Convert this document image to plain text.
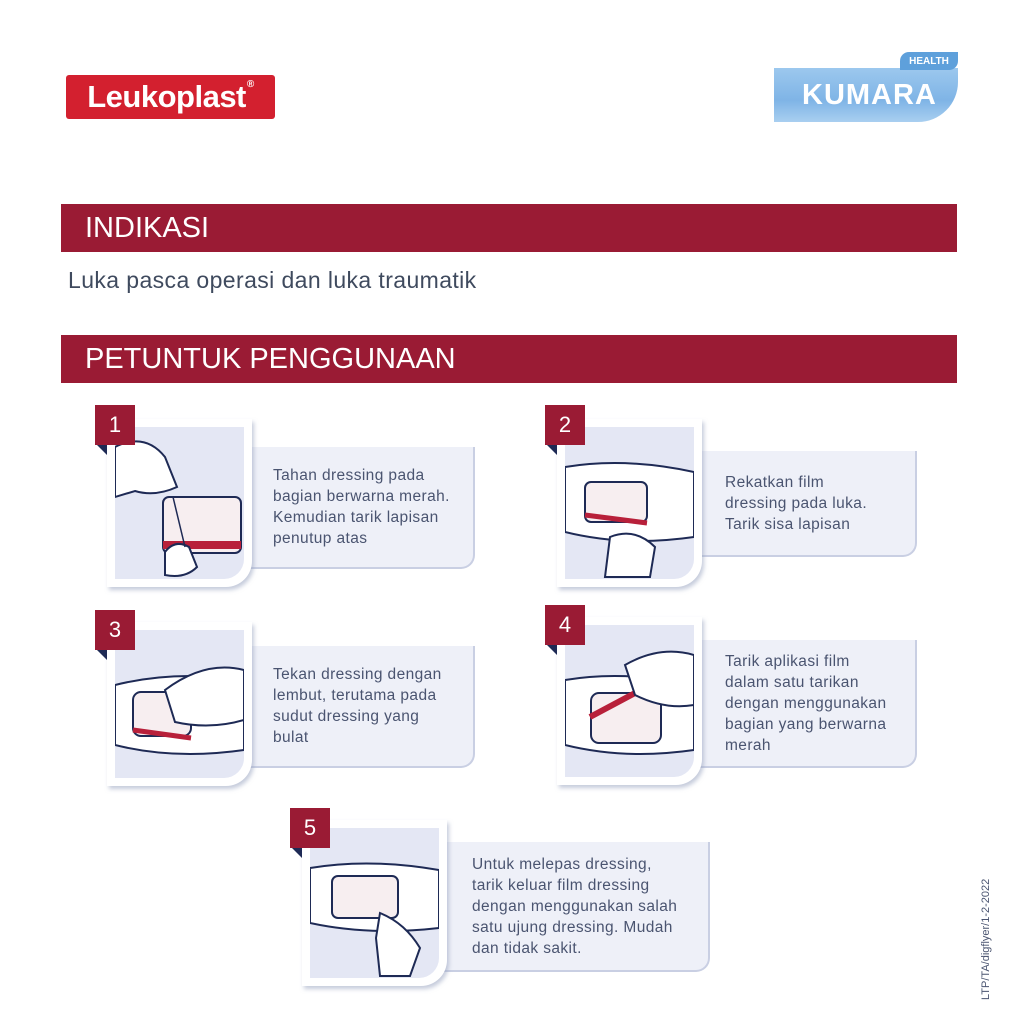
Leukoplast®	KUMARA
HEALTH
INDIKASI
Luka pasca operasi dan luka traumatik
PETUNTUK PENGGUNAAN
Tahan dressing pada
bagian berwarna merah.
Kemudian tarik lapisan
penutup atas
1
Rekatkan film
dressing pada luka.
Tarik sisa lapisan
2
Tekan dressing dengan
lembut, terutama pada
sudut dressing yang
bulat
3
Tarik aplikasi film
dalam satu tarikan
dengan menggunakan
bagian yang berwarna
merah
4
Untuk melepas dressing,
tarik keluar film dressing
dengan menggunakan salah
satu ujung dressing. Mudah
dan tidak sakit.
5
LTP/TA/digflyer/1-2-2022
